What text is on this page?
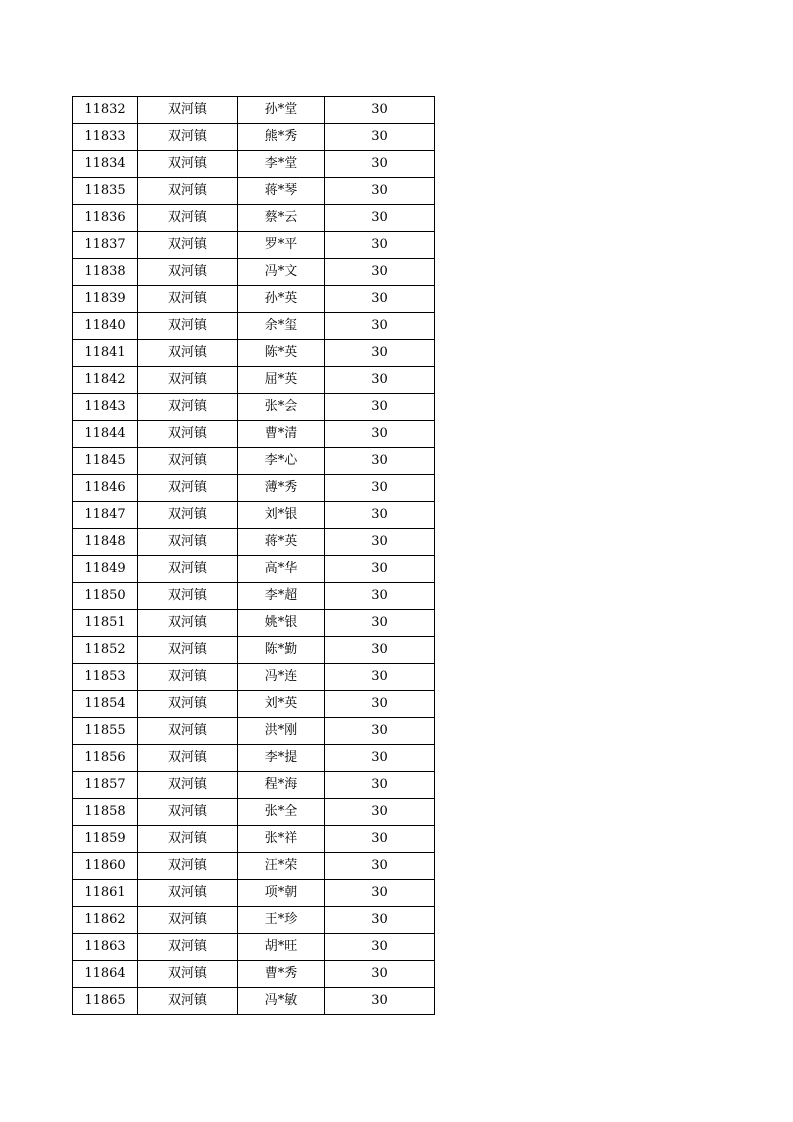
11832	双河镇	孙*堂	30
11833	双河镇	熊*秀	30
11834	双河镇	李*堂	30
11835	双河镇	蒋*琴	30
11836	双河镇	蔡*云	30
11837	双河镇	罗*平	30
11838	双河镇	冯*文	30
11839	双河镇	孙*英	30
11840	双河镇	余*玺	30
11841	双河镇	陈*英	30
11842	双河镇	屈*英	30
11843	双河镇	张*会	30
11844	双河镇	曹*清	30
11845	双河镇	李*心	30
11846	双河镇	薄*秀	30
11847	双河镇	刘*银	30
11848	双河镇	蒋*英	30
11849	双河镇	高*华	30
11850	双河镇	李*超	30
11851	双河镇	姚*银	30
11852	双河镇	陈*勤	30
11853	双河镇	冯*连	30
11854	双河镇	刘*英	30
11855	双河镇	洪*刚	30
11856	双河镇	李*提	30
11857	双河镇	程*海	30
11858	双河镇	张*全	30
11859	双河镇	张*祥	30
11860	双河镇	汪*荣	30
11861	双河镇	项*朝	30
11862	双河镇	王*珍	30
11863	双河镇	胡*旺	30
11864	双河镇	曹*秀	30
11865	双河镇	冯*敏	30
